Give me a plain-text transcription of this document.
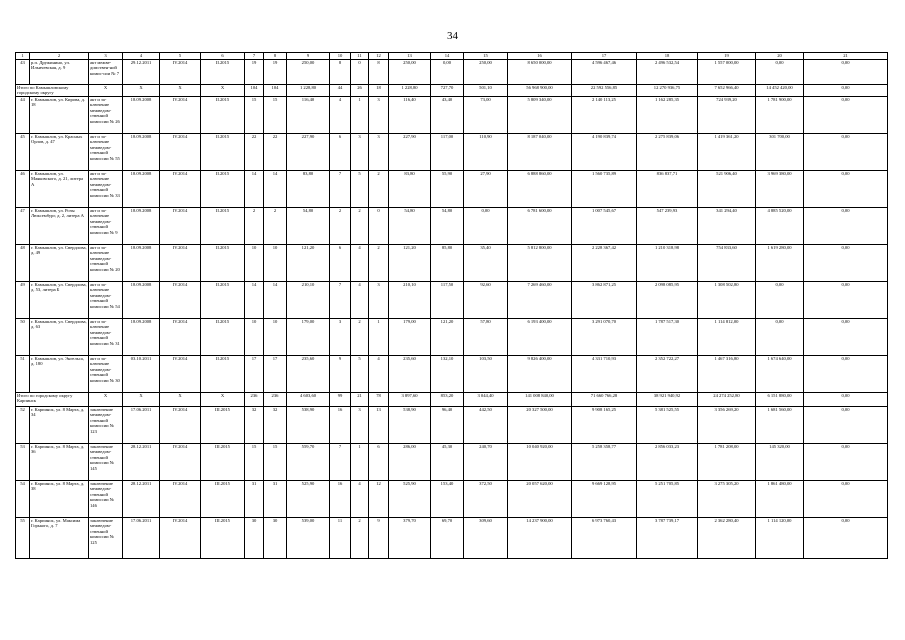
34
1	2	3	4	5	6	7	8	9	10	11	12	13	14	15	16	17	18	19	20	21
43	р.п. Дружинино, ул. Ильичевская, д. 9	акт межве-домствен-ной комис-сии № 7	29.12.2011	IV.2014	II.2015	19	19	250,00	8	0	8	250,00	0,00	250,00	8 650 000,00	4 596 467,46	2 496 532,54	1 557 000,00	0,00	0,00
Итого по Камышловскому городскому округу		X	X	X	X	104	104	1 228,80	44	26	18	1 228,80	727,70	501,10	56 968 900,00	22 592 556,85	12 270 936,75	7 652 966,40	14 452 420,00	0,00
44	г. Камышлов, ул. Кирова, д. 18	акт и за-ключение межведом-ственной комиссии № 26	18.09.2008	IV.2014	II.2015	15	15	116,40	4	1	3	116,40	43,40	73,00	5 809 340,00	2 140 113,25	1 162 285,35	724 939,20	1 781 900,00	0,00
45	г. Камышлов, ул. Красных Орлов, д. 47	акт и за-ключение межведом-ственной комиссии № 55	18.09.2008	IV.2014	II.2015	22	22	227,90	6	3	3	227,90	117,00	110,90	8 187 040,00	4 190 839,74	2 275 839,06	1 419 361,20	301 700,00	0,00
46	г. Камышлов, ул. Маяковского, д. 21, литера А	акт и за-ключение межведом-ственной комиссии № 33	18.09.2008	IV.2014	II.2015	14	14	83,80	7	5	2	83,80	55,90	27,90	6 888 860,00	1 560 735,89	836 837,71	521 906,40	3 969 380,00	0,00
47	г. Камышлов, ул. Розы Люксембург, д. 2, литера А	акт и за-ключение межведом-ственной комиссии № 9	18.09.2008	IV.2014	II.2015	2	2	54,80	2	2	0	54,80	54,80	0,00	6 781 600,00	1 007 545,67	547 239,93	341 294,40	4 885 520,00	0,00
48	г. Камышлов, ул. Свердлова, д. 49	акт и за-ключение межведом-ственной комиссии № 20	18.09.2008	IV.2014	II.2015	10	10	121,20	6	4	2	121,20	85,80	35,40	5 812 800,00	2 228 367,42	1 210 318,98	754 833,60	1 619 280,00	0,00
49	г. Камышлов, ул. Свердлова, д. 53, литера Б	акт и за-ключение межведом-ственной комиссии № 54	18.09.2008	IV.2014	II.2015	14	14	210,10	7	4	3	210,10	117,50	92,60	7 269 460,00	3 862 871,25	2 098 085,95	1 308 502,80	0,00	0,00
50	г. Камышлов, ул. Свердлова, д. 63	акт и за-ключение межведом-ственной комиссии № 31	18.09.2008	IV.2014	II.2015	10	10	179,00	3	2	1	179,00	121,20	57,80	6 193 400,00	3 291 070,70	1 787 517,30	1 114 812,00	0,00	0,00
51	г. Камышлов, ул. Энгельса, д. 180	акт и за-ключение межведом-ственной комиссии № 30	03.10.2011	IV.2014	II.2015	17	17	235,60	9	5	4	235,60	132,10	103,50	9 826 400,00	4 331 710,93	2 352 722,27	1 467 316,80	1 674 640,00	0,00
Итого по городскому округу Карпинск		X	X	X	X	236	236	4 603,60	99	21	78	3 897,60	853,20	3 044,40	141 008 840,00	71 660 766,28	38 921 940,92	24 274 252,80	6 151 880,00	0,00
52	г. Карпинск, ул. 8 Марта, д. 34	заключение межведом-ственной комиссии № 123	17.06.2011	IV.2014	III.2015	32	32	538,90	16	3	13	538,90	96,40	442,50	20 327 500,00	9 908 165,25	5 381 525,55	3 356 269,20	1 681 560,00	0,00
53	г. Карпинск, ул. 8 Марта, д. 36	заключение межведом-ственной комиссии № 145	28.12.2011	IV.2014	III.2015	15	15	559,70	7	1	6	286,00	45,30	240,70	10 040 920,00	5 258 358,77	2 856 033,23	1 781 208,00	145 320,00	0,00
54	г. Карпинск, ул. 8 Марта, д. 38	заключение межведом-ственной комиссии № 146	28.12.2011	IV.2014	III.2015	31	31	525,90	16	4	12	525,90	153,40	372,50	20 057 620,00	9 669 128,95	5 251 705,85	3 275 305,20	1 861 480,00	0,00
55	г. Карпинск, ул. Максима Горького, д. 7	заключение межведом-ственной комиссии № 125	17.06.2011	IV.2014	III.2015	30	30	539,00	11	2	9	379,70	69,70	309,60	14 237 900,00	6 973 760,43	3 787 739,17	2 362 280,40	1 114 120,00	0,00
